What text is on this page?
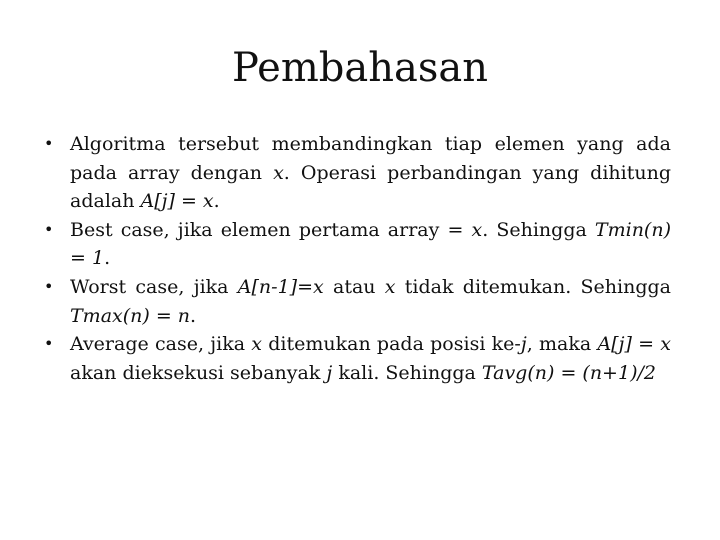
Pembahasan
• Algoritma tersebut membandingkan tiap elemen yang ada pada array dengan x. Operasi perbandingan yang dihitung adalah A[j] = x.
• Best case, jika elemen pertama array = x. Sehingga Tmin(n) = 1.
• Worst case, jika A[n-1]=x atau x tidak ditemukan. Sehingga Tmax(n) = n.
• Average case, jika x ditemukan pada posisi ke-j, maka A[j] = x akan dieksekusi sebanyak j kali. Sehingga Tavg(n) = (n+1)/2
